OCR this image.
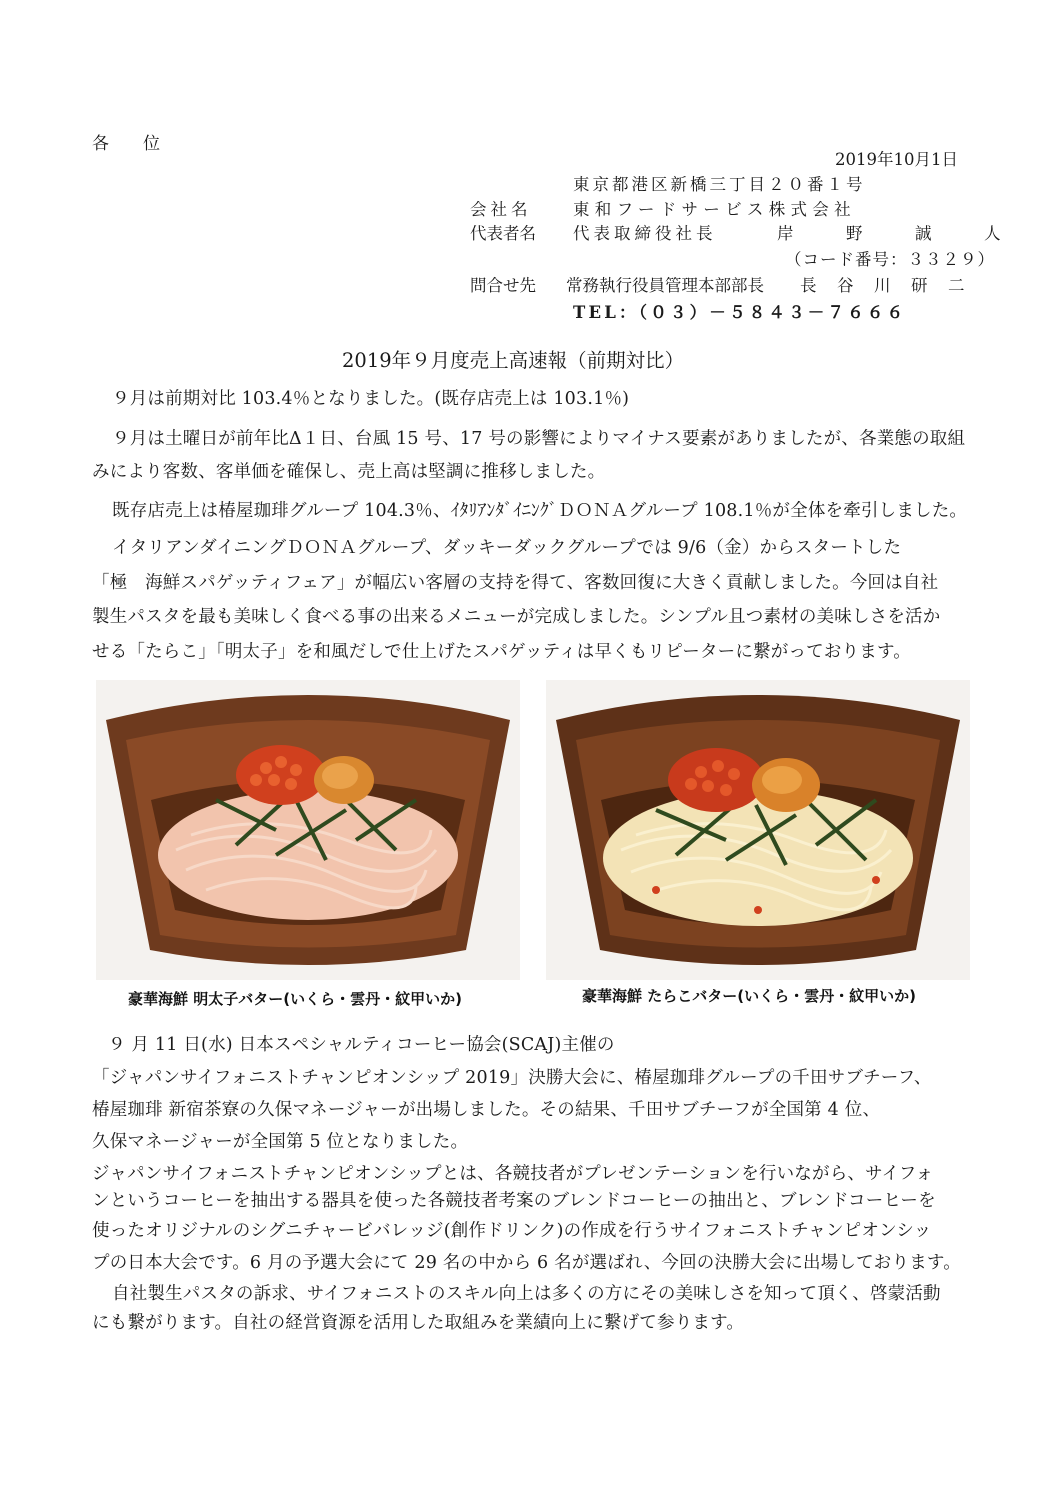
各　　位
2019年10月1日
東京都港区新橋三丁目２０番１号
会社名	東和フードサービス株式会社
代表者名 代表取締役社長	岸　野　誠　人
（コード番号：３３２９）
問合せ先 常務執行役員管理本部部長 長　谷　川　研　二
TEL：（０３）－５８４３－７６６６
2019年９月度売上高速報（前期対比）
９月は前期対比 103.4％となりました。(既存店売上は 103.1％)
９月は土曜日が前年比Δ１日、台風 15 号、17 号の影響によりマイナス要素がありましたが、各業態の取組
みにより客数、客単価を確保し、売上高は堅調に推移しました。
既存店売上は椿屋珈琲グループ 104.3％、ｲﾀﾘｱﾝﾀﾞｲﾆﾝｸﾞＤＯＮＡグループ 108.1％が全体を牽引しました。
イタリアンダイニングＤＯＮＡグループ、ダッキーダックグループでは 9/6（金）からスタートした
「極　海鮮スパゲッティフェア」が幅広い客層の支持を得て、客数回復に大きく貢献しました。今回は自社
製生パスタを最も美味しく食べる事の出来るメニューが完成しました。シンプル且つ素材の美味しさを活か
せる「たらこ」「明太子」を和風だしで仕上げたスパゲッティは早くもリピーターに繋がっております。
豪華海鮮 明太子バター(いくら・雲丹・紋甲いか)	豪華海鮮 たらこバター(いくら・雲丹・紋甲いか)
９ 月 11 日(水) 日本スペシャルティコーヒー協会(SCAJ)主催の
「ジャパンサイフォニストチャンピオンシップ 2019」決勝大会に、椿屋珈琲グループの千田サブチーフ、
椿屋珈琲 新宿茶寮の久保マネージャーが出場しました。その結果、千田サブチーフが全国第 4 位、
久保マネージャーが全国第 5 位となりました。
ジャパンサイフォニストチャンピオンシップとは、各競技者がプレゼンテーションを行いながら、サイフォ
ンというコーヒーを抽出する器具を使った各競技者考案のブレンドコーヒーの抽出と、ブレンドコーヒーを
使ったオリジナルのシグニチャービバレッジ(創作ドリンク)の作成を行うサイフォニストチャンピオンシッ
プの日本大会です。6 月の予選大会にて 29 名の中から 6 名が選ばれ、今回の決勝大会に出場しております。
自社製生パスタの訴求、サイフォニストのスキル向上は多くの方にその美味しさを知って頂く、啓蒙活動
にも繋がります。自社の経営資源を活用した取組みを業績向上に繋げて参ります。
